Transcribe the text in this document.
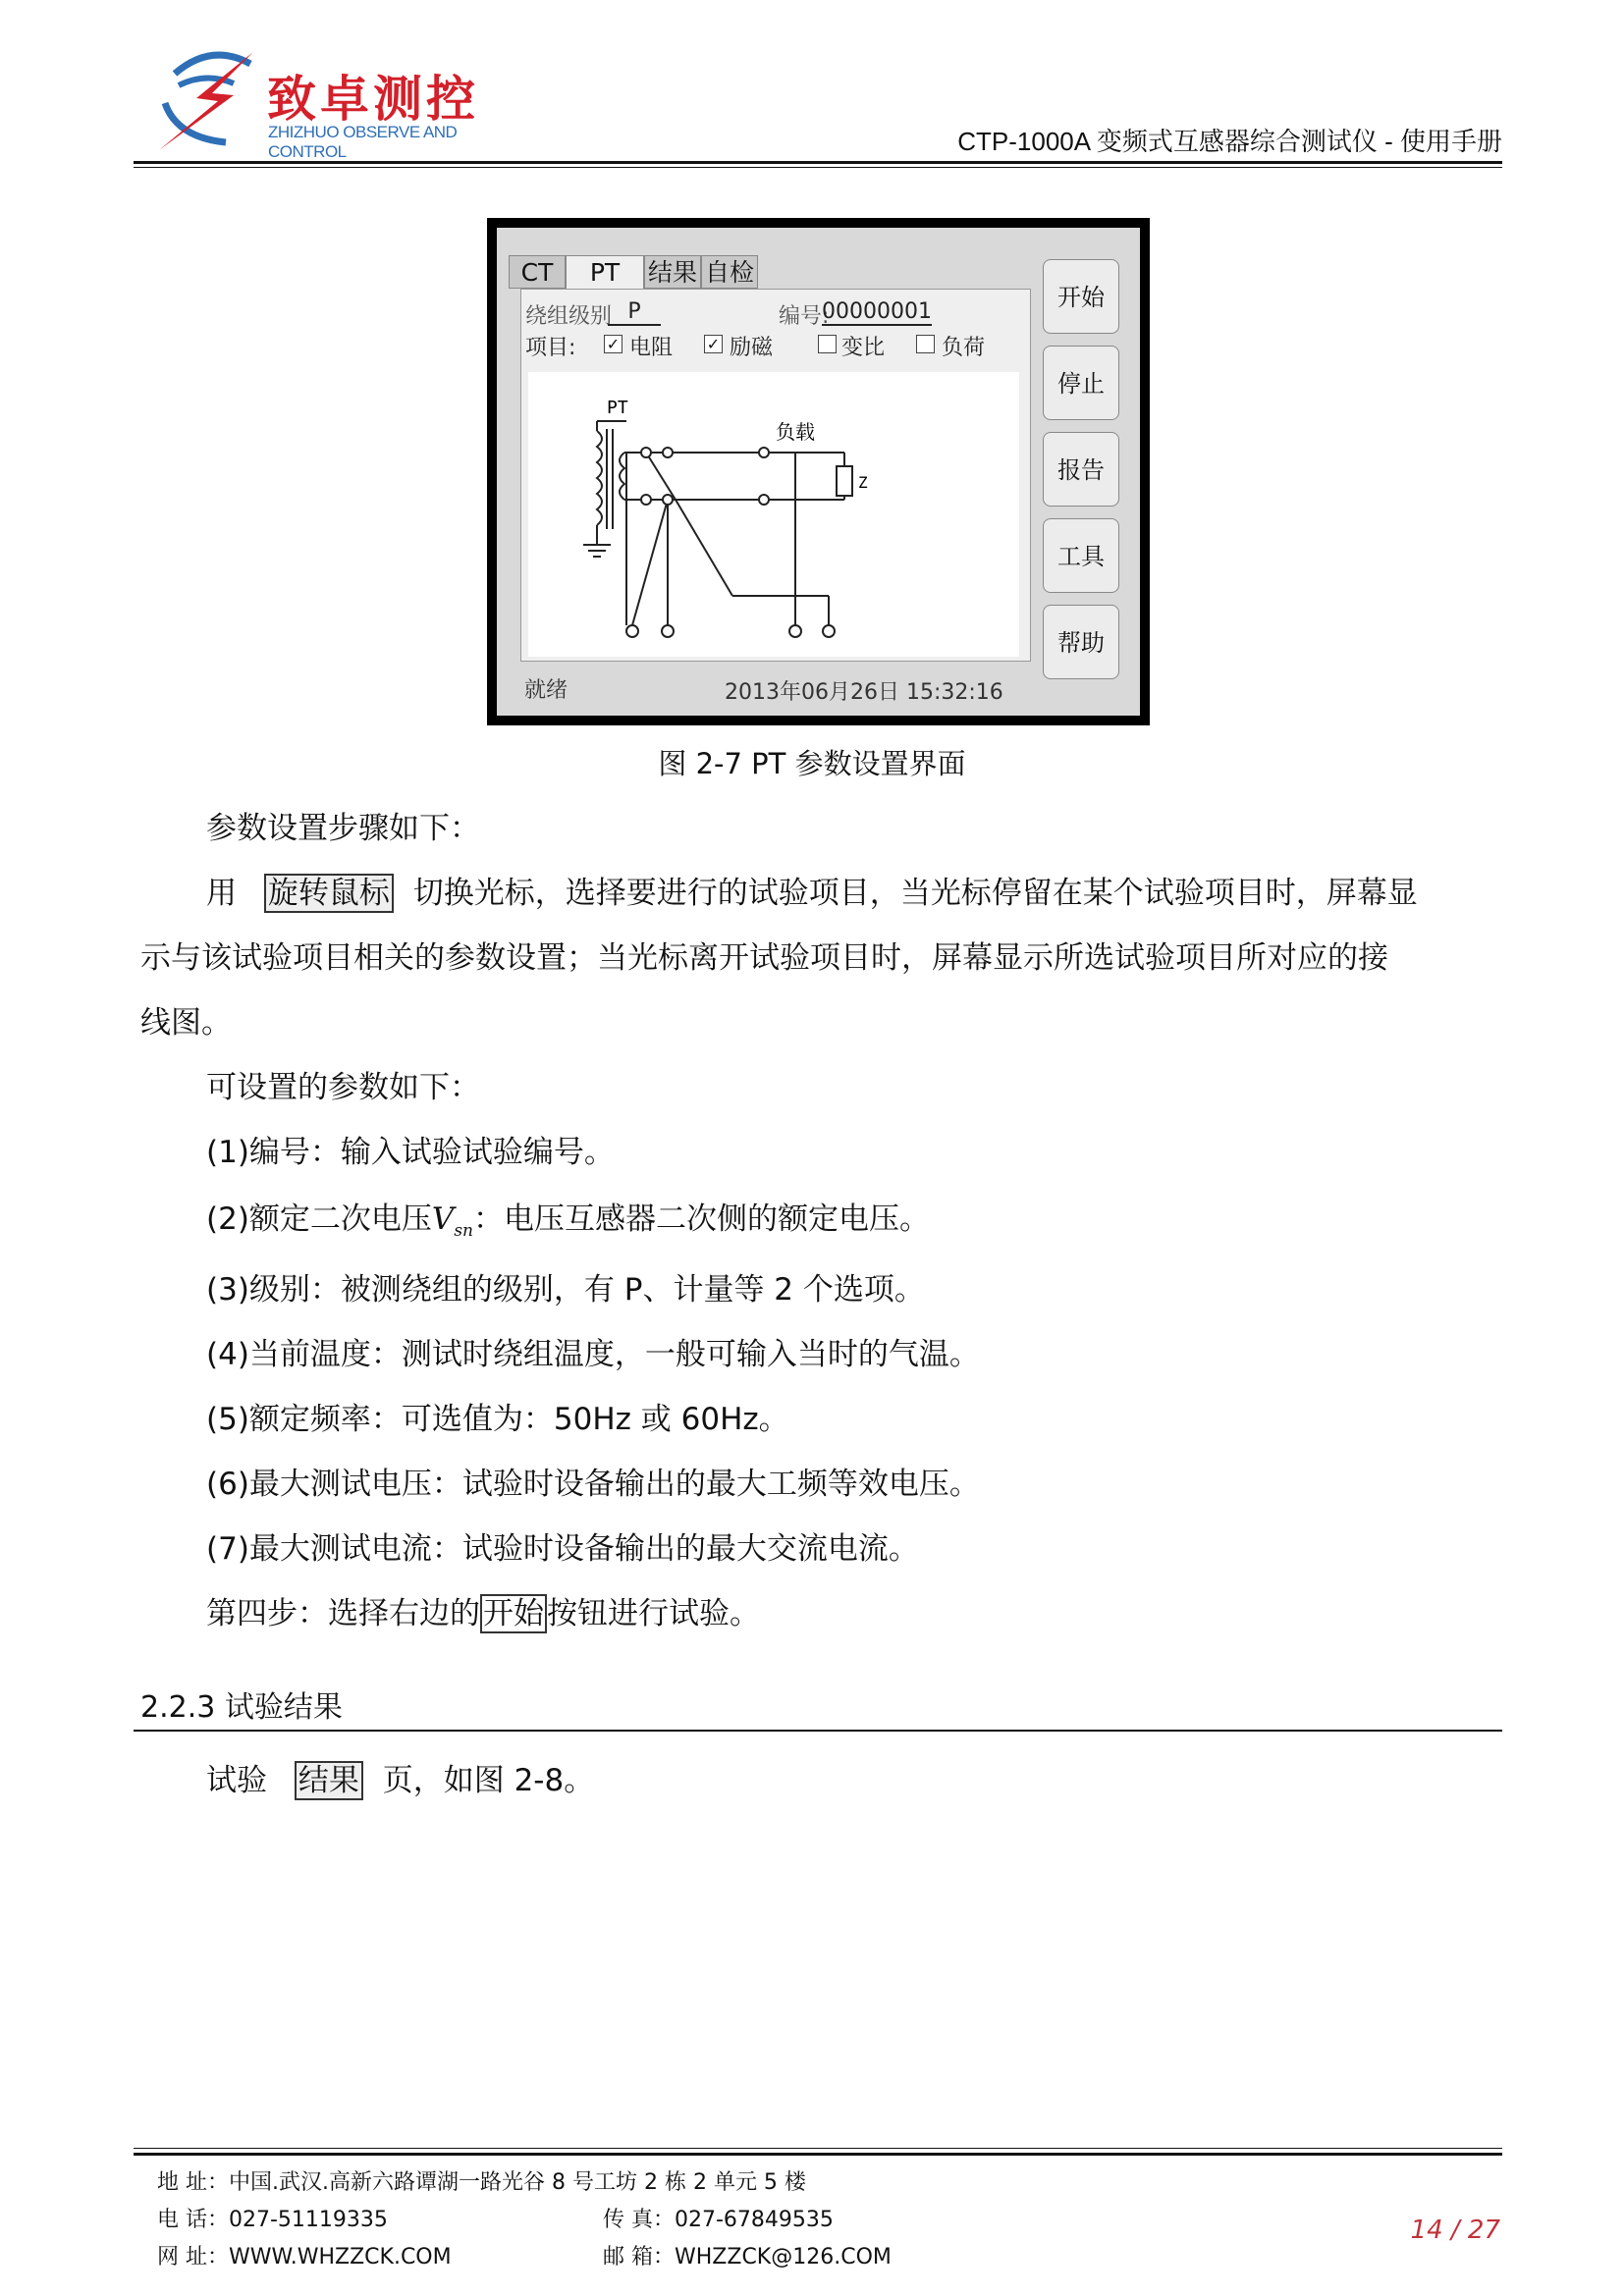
致卓测控
ZHIZHUO OBSERVE AND CONTROL	CTP-1000A 变频式互感器综合测试仪 - 使用手册
CT	PT	结果 自检
绕组级别 P	编号:
00000001
项目: ✓ 电阻 ✓ 励磁	变比	负荷
PT
负载
Z
开始
停止
报告
工具
帮助
就绪	2013年06月26日 15:32:16
图 2-7 PT 参数设置界面
参数设置步骤如下：
用 旋转鼠标 切换光标，选择要进行的试验项目，当光标停留在某个试验项目时，屏幕显
示与该试验项目相关的参数设置；当光标离开试验项目时，屏幕显示所选试验项目所对应的接
线图。
可设置的参数如下：
(1)编号：输入试验试验编号。
(2)额定二次电压$V_{sn}$：电压互感器二次侧的额定电压。
(3)级别：被测绕组的级别，有 P、计量等 2 个选项。
(4)当前温度：测试时绕组温度，一般可输入当时的气温。
(5)额定频率：可选值为：50Hz 或 60Hz。
(6)最大测试电压：试验时设备输出的最大工频等效电压。
(7)最大测试电流：试验时设备输出的最大交流电流。
第四步：选择右边的开始按钮进行试验。
2.2.3 试验结果
试验 结果 页，如图 2-8。
地 址：中国.武汉.高新六路谭湖一路光谷 8 号工坊 2 栋 2 单元 5 楼
电 话：027-51119335	传 真：027-67849535
网 址：WWW.WHZZCK.COM	邮 箱：WHZZCK@126.COM
14 / 27
